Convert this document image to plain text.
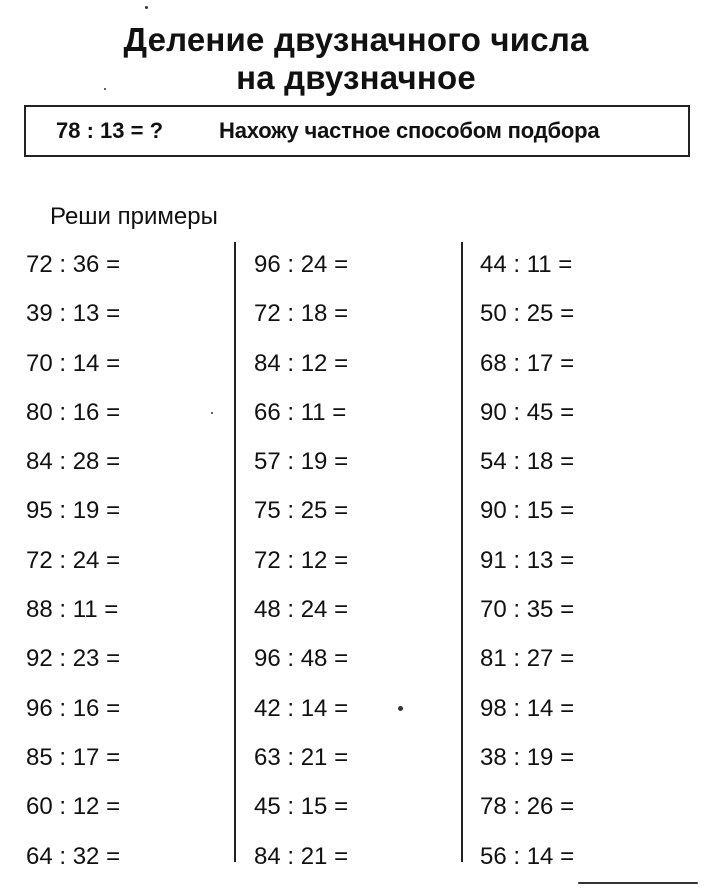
Деление двузначного числа
на двузначное
78 : 13 = ?	Нахожу частное способом подбора
Реши примеры
72 : 36 =
39 : 13 =
70 : 14 =
80 : 16 =
84 : 28 =
95 : 19 =
72 : 24 =
88 : 11 =
92 : 23 =
96 : 16 =
85 : 17 =
60 : 12 =
64 : 32 =
96 : 24 =
72 : 18 =
84 : 12 =
66 : 11 =
57 : 19 =
75 : 25 =
72 : 12 =
48 : 24 =
96 : 48 =
42 : 14 =
63 : 21 =
45 : 15 =
84 : 21 =
44 : 11 =
50 : 25 =
68 : 17 =
90 : 45 =
54 : 18 =
90 : 15 =
91 : 13 =
70 : 35 =
81 : 27 =
98 : 14 =
38 : 19 =
78 : 26 =
56 : 14 =
